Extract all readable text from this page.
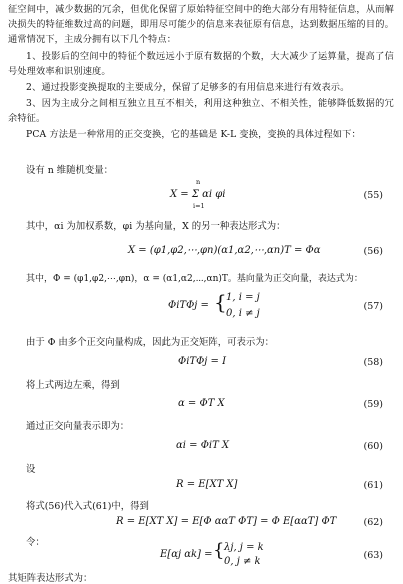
征空间中，减少数据的冗余，但优化保留了原始特征空间中的绝大部分有用特征信息，从而解决损失的特征维数过高的问题，即用尽可能少的信息来表征原有信息，达到数据压缩的目的。通常情况下，主成分拥有以下几个特点：
1、投影后的空间中的特征个数远远小于原有数据的个数，大大减少了运算量，提高了信号处理效率和识别速度。
2、通过投影变换提取的主要成分，保留了足够多的有用信息来进行有效表示。
3、因为主成分之间相互独立且互不相关，利用这种独立、不相关性，能够降低数据的冗余特征。
PCA 方法是一种常用的正交变换，它的基础是 K-L 变换，变换的具体过程如下：
设有 n 维随机变量：
X = Σ αi φi
n
i=1
(55)
其中，αi 为加权系数，φi 为基向量，X 的另一种表达形式为：
X = (φ1,φ2,⋯,φn)(α1,α2,⋯,αn)T = Φα	(56)
其中，Φ = (φ1,φ2,⋯,φn)，α = (α1,α2,⋯,αn)T。基向量为正交向量，表达式为：
ΦiTΦj = { 1, i = j
0, i ≠ j
(57)
由于 Φ 由多个正交向量构成，因此为正交矩阵，可表示为：
ΦiTΦj = I	(58)
将上式两边左乘，得到
α = ΦT X	(59)
通过正交向量表示即为：
αi = ΦiT X	(60)
设
R = E[XT X]	(61)
将式(56)代入式(61)中，得到
R = E[XT X] = E[Φ ααT ΦT] = Φ E[ααT] ΦT	(62)
令：
E[αj αk] = { λj, j = k
0, j ≠ k
(63)
其矩阵表达形式为：
